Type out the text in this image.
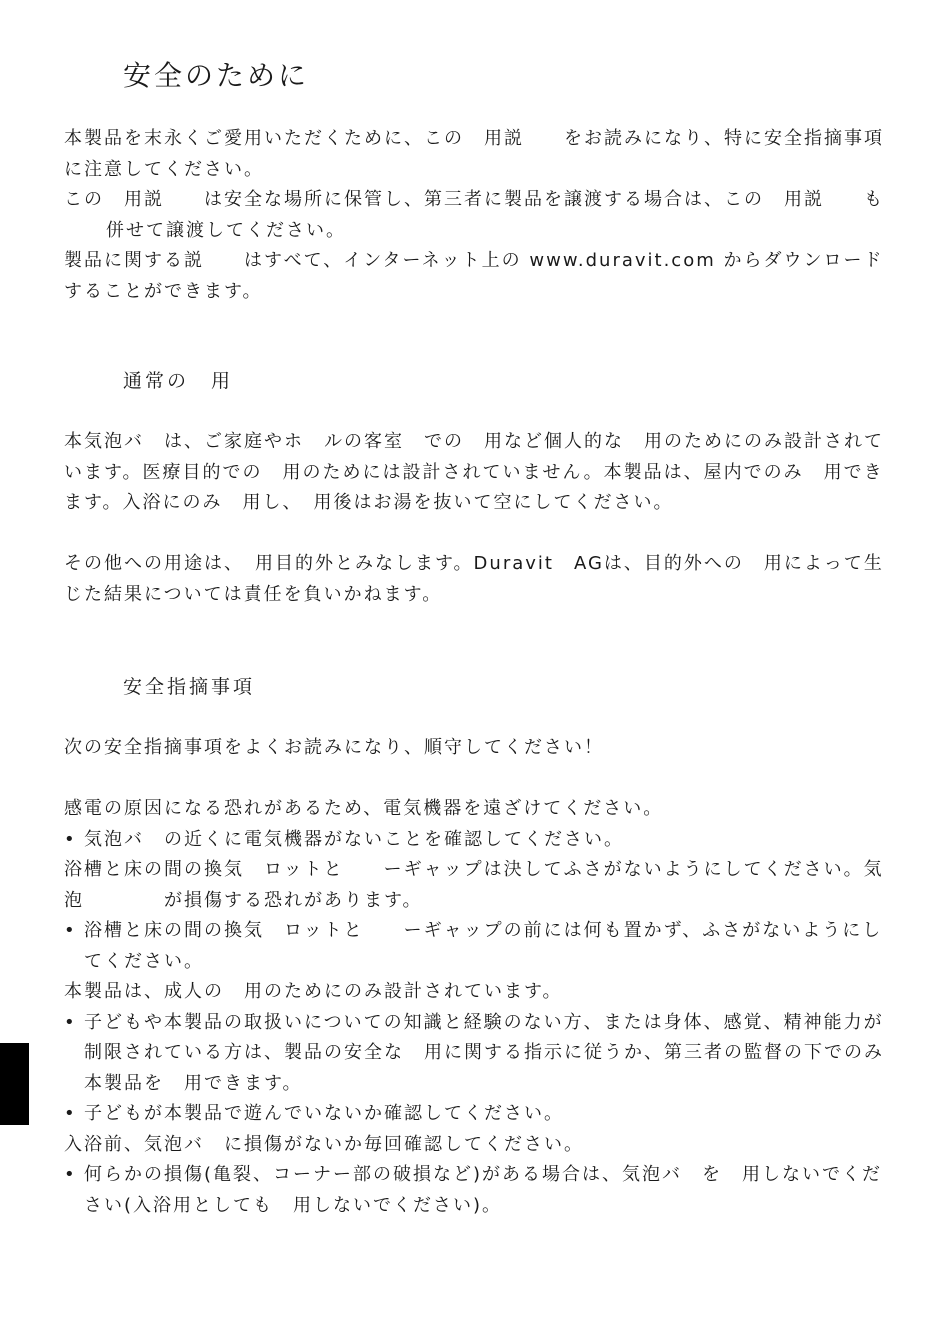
安全のために

本製品を末永くご愛用いただくために、この　用説　　をお読みになり、特に安全指摘事項に注意してください。

この　用説　　は安全な場所に保管し、第三者に製品を譲渡する場合は、この　用説　　も併せて譲渡してください。

製品に関する説　　はすべて、インターネット上の www.duravit.com からダウンロードすることができます。

通常の　用

本気泡バ　は、ご家庭やホ　ルの客室　での　用など個人的な　用のためにのみ設計されています。医療目的での　用のためには設計されていません。本製品は、屋内でのみ　用できます。入浴にのみ　用し、　用後はお湯を抜いて空にしてください。

その他への用途は、　用目的外とみなします。Duravit　AGは、目的外への　用によって生じた結果については責任を負いかねます。

安全指摘事項

次の安全指摘事項をよくお読みになり、順守してください！

感電の原因になる恐れがあるため、電気機器を遠ざけてください。

• 気泡バ　の近くに電気機器がないことを確認してください。

浴槽と床の間の換気　ロットと　　ーギャップは決してふさがないようにしてください。気泡　　　　が損傷する恐れがあります。

• 浴槽と床の間の換気　ロットと　　ーギャップの前には何も置かず、ふさがないようにしてください。

本製品は、成人の　用のためにのみ設計されています。

• 子どもや本製品の取扱いについての知識と経験のない方、または身体、感覚、精神能力が制限されている方は、製品の安全な　用に関する指示に従うか、第三者の監督の下でのみ本製品を　用できます。

• 子どもが本製品で遊んでいないか確認してください。

入浴前、気泡バ　に損傷がないか毎回確認してください。

• 何らかの損傷(亀裂、コーナー部の破損など)がある場合は、気泡バ　を　用しないでください(入浴用としても　用しないでください)。
